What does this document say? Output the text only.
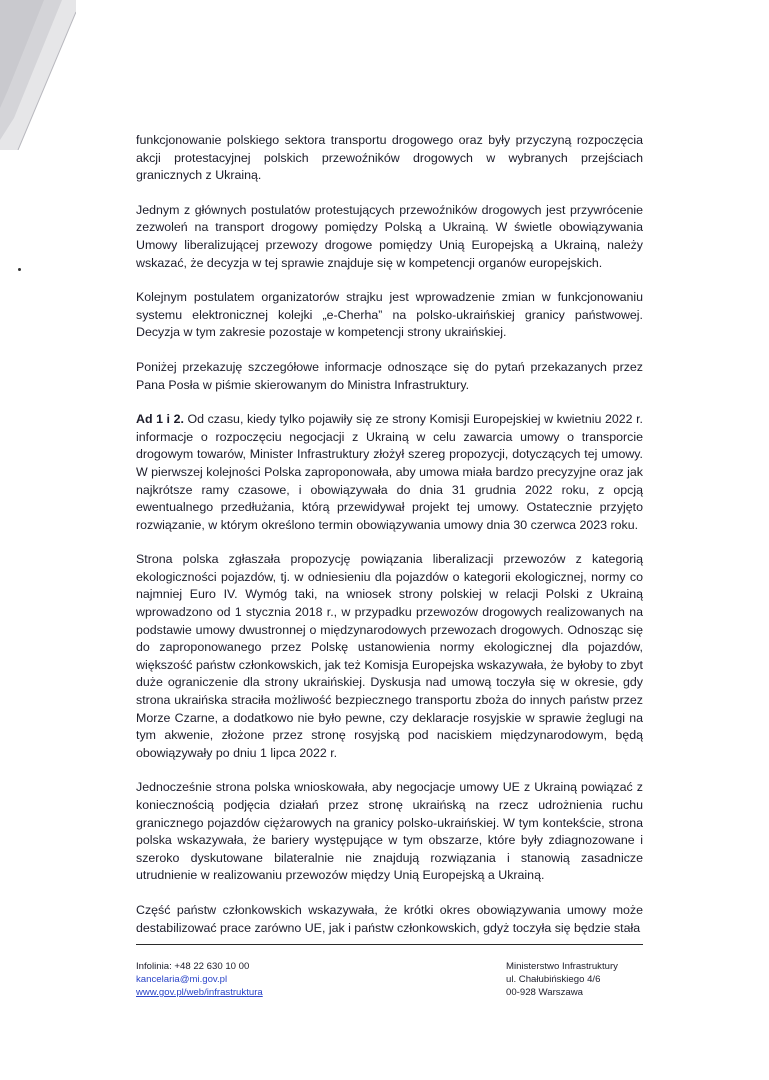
funkcjonowanie polskiego sektora transportu drogowego oraz były przyczyną rozpoczęcia akcji protestacyjnej polskich przewoźników drogowych w wybranych przejściach granicznych z Ukrainą.

Jednym z głównych postulatów protestujących przewoźników drogowych jest przywrócenie zezwoleń na transport drogowy pomiędzy Polską a Ukrainą. W świetle obowiązywania Umowy liberalizującej przewozy drogowe pomiędzy Unią Europejską a Ukrainą, należy wskazać, że decyzja w tej sprawie znajduje się w kompetencji organów europejskich.

Kolejnym postulatem organizatorów strajku jest wprowadzenie zmian w funkcjonowaniu systemu elektronicznej kolejki „e-Cherha” na polsko-ukraińskiej granicy państwowej. Decyzja w tym zakresie pozostaje w kompetencji strony ukraińskiej.

Poniżej przekazuję szczegółowe informacje odnoszące się do pytań przekazanych przez Pana Posła w piśmie skierowanym do Ministra Infrastruktury.

Ad 1 i 2. Od czasu, kiedy tylko pojawiły się ze strony Komisji Europejskiej w kwietniu 2022 r. informacje o rozpoczęciu negocjacji z Ukrainą w celu zawarcia umowy o transporcie drogowym towarów, Minister Infrastruktury złożył szereg propozycji, dotyczących tej umowy. W pierwszej kolejności Polska zaproponowała, aby umowa miała bardzo precyzyjne oraz jak najkrótsze ramy czasowe, i obowiązywała do dnia 31 grudnia 2022 roku, z opcją ewentualnego przedłużania, którą przewidywał projekt tej umowy. Ostatecznie przyjęto rozwiązanie, w którym określono termin obowiązywania umowy dnia 30 czerwca 2023 roku.

Strona polska zgłaszała propozycję powiązania liberalizacji przewozów z kategorią ekologiczności pojazdów, tj. w odniesieniu dla pojazdów o kategorii ekologicznej, normy co najmniej Euro IV. Wymóg taki, na wniosek strony polskiej w relacji Polski z Ukrainą wprowadzono od 1 stycznia 2018 r., w przypadku przewozów drogowych realizowanych na podstawie umowy dwustronnej o międzynarodowych przewozach drogowych. Odnosząc się do zaproponowanego przez Polskę ustanowienia normy ekologicznej dla pojazdów, większość państw członkowskich, jak też Komisja Europejska wskazywała, że byłoby to zbyt duże ograniczenie dla strony ukraińskiej. Dyskusja nad umową toczyła się w okresie, gdy strona ukraińska straciła możliwość bezpiecznego transportu zboża do innych państw przez Morze Czarne, a dodatkowo nie było pewne, czy deklaracje rosyjskie w sprawie żeglugi na tym akwenie, złożone przez stronę rosyjską pod naciskiem międzynarodowym, będą obowiązywały po dniu 1 lipca 2022 r.

Jednocześnie strona polska wnioskowała, aby negocjacje umowy UE z Ukrainą powiązać z koniecznością podjęcia działań przez stronę ukraińską na rzecz udrożnienia ruchu granicznego pojazdów ciężarowych na granicy polsko-ukraińskiej. W tym kontekście, strona polska wskazywała, że bariery występujące w tym obszarze, które były zdiagnozowane i szeroko dyskutowane bilateralnie nie znajdują rozwiązania i stanowią zasadnicze utrudnienie w realizowaniu przewozów między Unią Europejską a Ukrainą.

Część państw członkowskich wskazywała, że krótki okres obowiązywania umowy może destabilizować prace zarówno UE, jak i państw członkowskich, gdyż toczyła się będzie stała

Infolinia: +48 22 630 10 00
kancelaria@mi.gov.pl
www.gov.pl/web/infrastruktura
Ministerstwo Infrastruktury
ul. Chałubińskiego 4/6
00-928 Warszawa
